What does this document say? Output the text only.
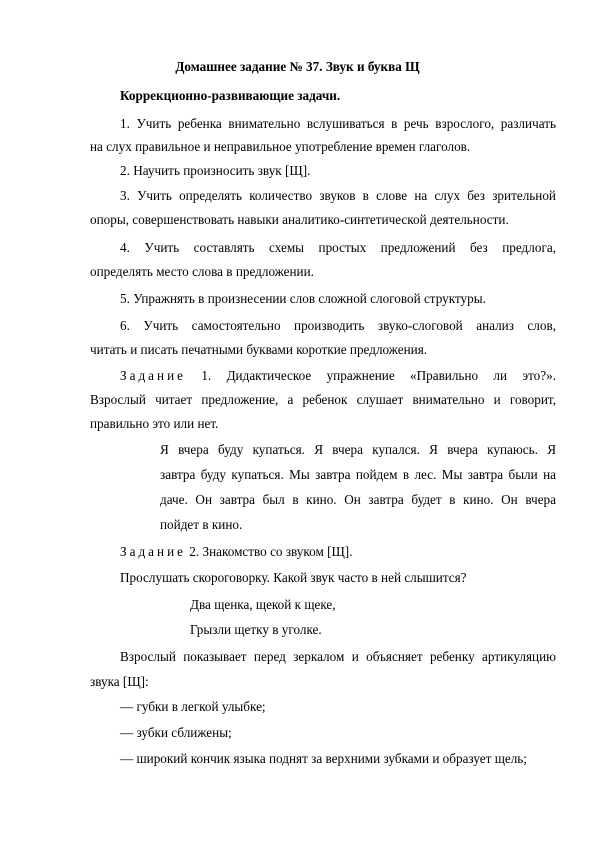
Домашнее задание № 37. Звук и буква Щ
Коррекционно-развивающие задачи.
1. Учить ребенка внимательно вслушиваться в речь взрослого, различать
на слух правильное и неправильное употребление времен глаголов.
2. Научить произносить звук [Щ].
3. Учить определять количество звуков в слове на слух без зрительной
опоры, совершенствовать навыки аналитико-синтетической деятельности.
4. Учить составлять схемы простых предложений без предлога,
определять место слова в предложении.
5. Упражнять в произнесении слов сложной слоговой структуры.
6. Учить самостоятельно производить звуко-слоговой анализ слов,
читать и писать печатными буквами короткие предложения.
Задание 1. Дидактическое упражнение «Правильно ли это?».
Взрослый читает предложение, а ребенок слушает внимательно и говорит,
правильно это или нет.
Я вчера буду купаться. Я вчера купался. Я вчера купаюсь. Я
завтра буду купаться. Мы завтра пойдем в лес. Мы завтра были на
даче. Он завтра был в кино. Он завтра будет в кино. Он вчера
пойдет в кино.
Задание 2. Знакомство со звуком [Щ].
Прослушать скороговорку. Какой звук часто в ней слышится?
Два щенка, щекой к щеке,
Грызли щетку в уголке.
Взрослый показывает перед зеркалом и объясняет ребенку артикуляцию
звука [Щ]:
— губки в легкой улыбке;
— зубки сближены;
— широкий кончик языка поднят за верхними зубками и образует щель;
